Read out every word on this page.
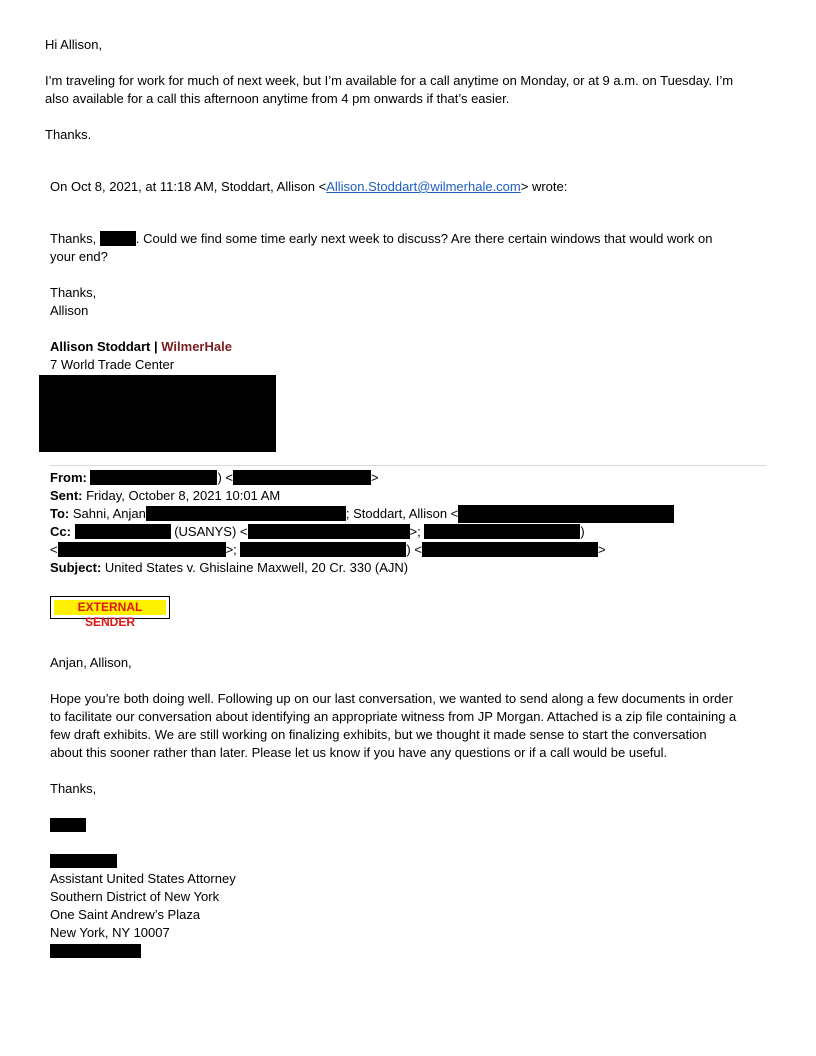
Hi Allison,
I’m traveling for work for much of next week, but I’m available for a call anytime on Monday, or at 9 a.m. on Tuesday. I’m
also available for a call this afternoon anytime from 4 pm onwards if that’s easier.
Thanks.
On Oct 8, 2021, at 11:18 AM, Stoddart, Allison <Allison.Stoddart@wilmerhale.com> wrote:
Thanks,	. Could we find some time early next week to discuss? Are there certain windows that would work on
your end?
Thanks,
Allison
Allison Stoddart | WilmerHale
7 World Trade Center
From:	) <	>
Sent: Friday, October 8, 2021 10:01 AM
To: Sahni, Anjan	; Stoddart, Allison <
Cc:	(USANYS) <	>;	)
<	>;	) <	>
Subject: United States v. Ghislaine Maxwell, 20 Cr. 330 (AJN)
EXTERNAL SENDER
Anjan, Allison,
Hope you’re both doing well. Following up on our last conversation, we wanted to send along a few documents in order
to facilitate our conversation about identifying an appropriate witness from JP Morgan. Attached is a zip file containing a
few draft exhibits. We are still working on finalizing exhibits, but we thought it made sense to start the conversation
about this sooner rather than later. Please let us know if you have any questions or if a call would be useful.
Thanks,
Assistant United States Attorney
Southern District of New York
One Saint Andrew’s Plaza
New York, NY 10007
